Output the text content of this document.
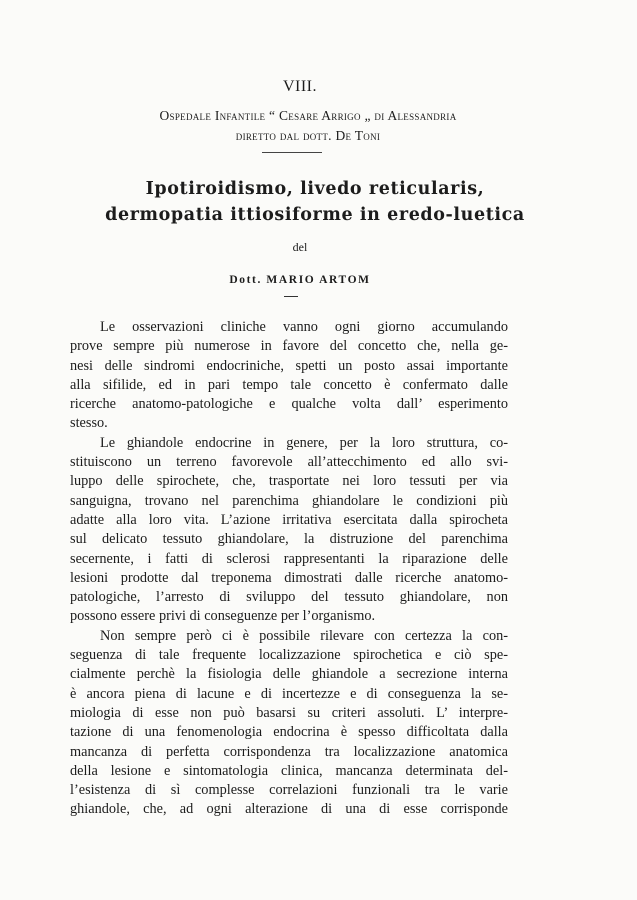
VIII.
Ospedale Infantile “ Cesare Arrigo „ di Alessandria
diretto dal dott. De Toni
Ipotiroidismo, livedo reticularis,
dermopatia ittiosiforme in eredo-luetica
del
Dott. MARIO ARTOM
Le osservazioni cliniche vanno ogni giorno accumulando
prove sempre più numerose in favore del concetto che, nella ge-
nesi delle sindromi endocriniche, spetti un posto assai importante
alla sifilide, ed in pari tempo tale concetto è confermato dalle
ricerche anatomo-patologiche e qualche volta dall’ esperimento
stesso.
Le ghiandole endocrine in genere, per la loro struttura, co-
stituiscono un terreno favorevole all’attecchimento ed allo svi-
luppo delle spirochete, che, trasportate nei loro tessuti per via
sanguigna, trovano nel parenchima ghiandolare le condizioni più
adatte alla loro vita. L’azione irritativa esercitata dalla spirocheta
sul delicato tessuto ghiandolare, la distruzione del parenchima
secernente, i fatti di sclerosi rappresentanti la riparazione delle
lesioni prodotte dal treponema dimostrati dalle ricerche anatomo-
patologiche, l’arresto di sviluppo del tessuto ghiandolare, non
possono essere privi di conseguenze per l’organismo.
Non sempre però ci è possibile rilevare con certezza la con-
seguenza di tale frequente localizzazione spirochetica e ciò spe-
cialmente perchè la fisiologia delle ghiandole a secrezione interna
è ancora piena di lacune e di incertezze e di conseguenza la se-
miologia di esse non può basarsi su criteri assoluti. L’ interpre-
tazione di una fenomenologia endocrina è spesso difficoltata dalla
mancanza di perfetta corrispondenza tra localizzazione anatomica
della lesione e sintomatologia clinica, mancanza determinata del-
l’esistenza di sì complesse correlazioni funzionali tra le varie
ghiandole, che, ad ogni alterazione di una di esse corrisponde
